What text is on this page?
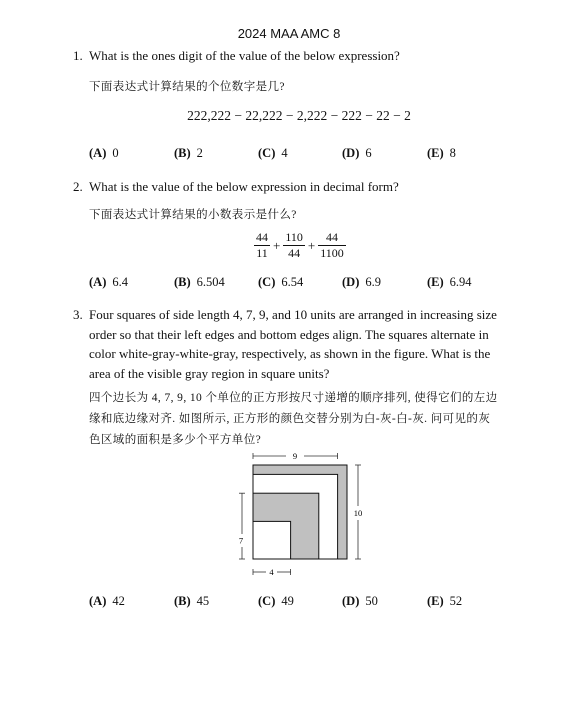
2024 MAA AMC 8
1. What is the ones digit of the value of the below expression?
下面表达式计算结果的个位数字是几?
222,222 − 22,222 − 2,222 − 222 − 22 − 2
(A) 0	(B) 2	(C) 4	(D) 6	(E) 8
2. What is the value of the below expression in decimal form?
下面表达式计算结果的小数表示是什么?
$\frac{44}{11} + \frac{110}{44} + \frac{44}{1100}$
(A) 6.4	(B) 6.504	(C) 6.54	(D) 6.9	(E) 6.94
3. Four squares of side length 4, 7, 9, and 10 units are arranged in increasing size
order so that their left edges and bottom edges align. The squares alternate in
color white-gray-white-gray, respectively, as shown in the figure. What is the
area of the visible gray region in square units?
四个边长为 4, 7, 9, 10 个单位的正方形按尺寸递增的顺序排列, 使得它们的左边
缘和底边缘对齐. 如图所示, 正方形的颜色交替分别为白-灰-白-灰. 问可见的灰
色区域的面积是多少个平方单位?
9
10
7
4
(A) 42	(B) 45	(C) 49	(D) 50	(E) 52
